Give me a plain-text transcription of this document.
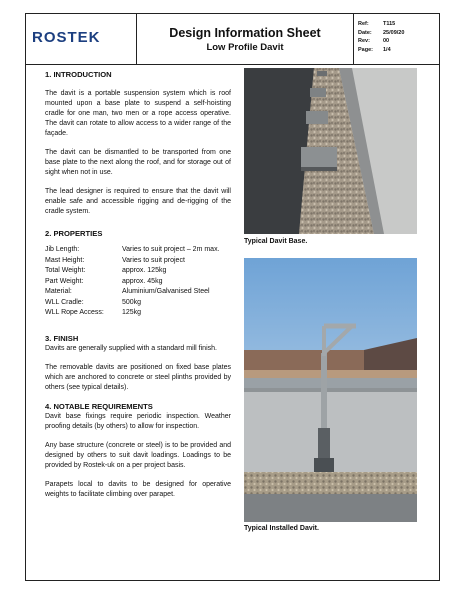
ROSTEK	Design Information Sheet
Low Profile Davit
Ref:	T115
Date:	25/09/20
Rev:	00
Page:	1/4
1. INTRODUCTION

The davit is a portable suspension system which is roof mounted upon a base plate to suspend a self-hoisting cradle for one man, two men or a rope access operative. The davit can rotate to allow access to a wider range of the façade.

The davit can be dismantled to be transported from one base plate to the next along the roof, and for storage out of sight when not in use.

The lead designer is required to ensure that the davit will enable safe and accessible rigging and de-rigging of the cradle system.

2. PROPERTIES
Jib Length:	Varies to suit project – 2m max.
Mast Height:	Varies to suit project
Total Weight:	approx. 125kg
Part Weight:	approx. 45kg
Material:	Aluminium/Galvanised Steel
WLL Cradle:	500kg
WLL Rope Access:	125kg
3. FINISH

Davits are generally supplied with a standard mill finish.

The removable davits are positioned on fixed base plates which are anchored to concrete or steel plinths provided by others (see typical details).

4. NOTABLE REQUIREMENTS

Davit base fixings require periodic inspection. Weather proofing details (by others) to allow for inspection.

Any base structure (concrete or steel) is to be provided and designed by others to suit davit loadings. Loadings to be provided by Rostek-uk on a per project basis.

Parapets local to davits to be designed for operative weights to facilitate climbing over parapet.

Typical Davit Base.
Typical Installed Davit.
